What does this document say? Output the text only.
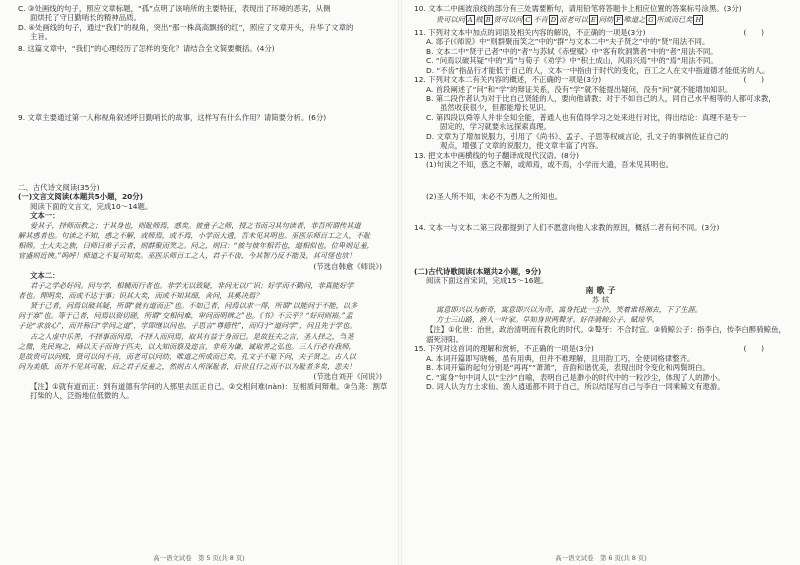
C. ③处画线的句子，照应文章标题，“孤”点明了该哨所的主要特征，表现出了环境的恶劣，从侧

面烘托了守日勤哨长的精神品质。

D. ④处画线的句子，通过“我们”的视角，突出“那一株高高飘扬的红”，照应了文章开头，升华了文章的

主旨。

8. 这篇文章中，“我们”的心理经历了怎样的变化？请结合全文简要概括。(4分)

9. 文章主要通过第一人称视角叙述呼日勤哨长的故事，这样写有什么作用？请简要分析。(6分)

二、古代诗文阅读(35分)

(一)文言文阅读(本题共5小题，20分)

阅读下面的文言文，完成10～14题。

文本一：

爱其子，择师而教之；于其身也，则耻师焉，惑矣。彼童子之师，授之书而习其句读者，非吾所谓传其道

解其惑者也。句读之不知，惑之不解，或师焉，或不焉，小学而大遗，吾未见其明也。巫医乐师百工之人，不耻

相师。士大夫之族，曰师曰弟子云者，则群聚而笑之。问之，则曰：“彼与彼年相若也，道相似也。位卑则足羞，

官盛则近谀。”呜呼！师道之不复可知矣。巫医乐师百工之人，君子不齿，今其智乃反不能及，其可怪也欤！

(节选自韩愈《师说》)

文本二：

君子之学必好问。问与学，相辅而行者也。非学无以致疑，非问无以广识；好学而不勤问，非真能好学

者也。理明矣，而或不达于事；识其大矣，而或不知其细，舍问，其奚决焉？

贤于己者，问焉以破其疑，所谓“就有道而正”也。不如己者，问焉以求一得，所谓“以能问于不能，以多

问于寡”也。等于己者，问焉以资切磋，所谓“交相问难，审问而明辨之”也。《书》不云乎？“好问则裕。”孟

子论“求放心”，而并称曰“学问之道”，学即继以问也。子思言“尊德性”，而归于“道问学”，问且先于学也。

古之人虚中乐善，不择事而问焉，不择人而问焉，取其有益于身而已。是故狂夫之言，圣人择之，刍荛

之微，先民询之，舜以天子而询于匹夫，以大知而察及迩言，非苟为谦，诚取善之弘也。三人行必有我师，

是故贵可以问贱，贤可以问不肖，而老可以问幼，唯道之所成而已矣。孔文子不耻下问，夫子贤之。古人以

问为美德，而并不见其可耻，后之君子反羞之，然则古人所深耻者，后世且行之而不以为耻者多矣，悲夫！

(节选自刘开《问说》)

【注】①就有道而正：到有道德有学问的人那里去匡正自己。②交相问难(nàn)：互相质问辩难。③刍荛：割草打柴的人，泛指地位低微的人。

高一语文试卷　第 5 页(共 8 页)

10. 文本二中画波浪线的部分有三处需要断句，请用铅笔将答题卡上相应位置的答案标号涂黑。(3分)

贵可以问 A 贱 B 贤可以问 C 不肖 D 而老可以 E 问幼 F 唯道之 G 所成而已矣 H

11. 下列对文本中加点的词语及相关内容的解说，不正确的一项是(3分)	(　　)

A. 郯子(《师说》中“则群聚而笑之”中的“群”与文本二中“夫子贤之”中的“贤”用法不同。

B. 文本二中“贤于己者”中的“者”与苏轼《赤壁赋》中“客有吹洞箫者”中的“者”用法不同。

C. “问焉以破其疑”中的“焉”与荀子《劝学》中“积土成山，风雨兴焉”中的“焉”用法不同。

D. “不齿”指品行才能低于自己的人，文本一中指由于时代的变化，百工之人在文中指道德才能低劣的人。

12. 下列对文本二有关内容的概述，不正确的一项是(3分)	(　　)

A. 首段阐述了“问”和“学”的辩证关系，没有“学”就不能提出疑问，没有“问”就不能增加知识。

B. 第二段作者认为对于比自己贤能的人，要向他请教；对于不如自己的人，同自己水平相等的人都可求教，

虽然收获很少，但都能增长见识。

C. 第四段以舜等人并非全知全能，普通人也有值得学习之处来进行对比，得出结论：真理不是专一

固定的，学习就要永远探索真理。

D. 文章为了增加说服力，引用了《尚书》、孟子、子思等权威言论，孔文子的事例佐证自己的

观点，增强了文章的说服力，使文章丰富了内容。

13. 把文本中画横线的句子翻译成现代汉语。(8分)

(1)句读之不知，惑之不解，或师焉，或不焉，小学而大遗，吾未见其明也。

(2)圣人所不知，未必不为愚人之所知也。

14. 文本一与文本二第三段都提到了人们不愿意向他人求教的原因，概括二者有何不同。(3分)

(二)古代诗歌阅读(本题共2小题，9分)

阅读下面这首宋词，完成15～16题。

南歌子

苏轼

寓意即兴以为新奇，寓意即兴以为奇，寓身托此一尘沙。笑着谁将湘去，下了生涯。

方士三山路，渔人一叶家。早知身世两聱牙。好伴骑鲸公子、赋琼华。

【注】①化世：治世，政治清明而有教化的时代。②聱牙：不合时宜。③骑鲸公子：指李白，传李白醉骑鲸鱼，溺死浔阳。

15. 下列对这首词的理解和赏析，不正确的一项是(3分)	(　　)

A. 本词开篇即写晓畅，虽有用典，但并不难理解，且用韵工巧，全使词格律整齐。

B. 本词开篇的起句分别是“再再”“萧萧”，音韵和谐优美，表现出时令变化和两鬓斑白。

C. “寓身”句中词人以“尘沙”自喻，表明自己是渺小的时代中的一粒沙尘，体现了人的渺小。

D. 词人认为方士求仙、渔人逍遥都不同于自己，所以结尾写自己与李白一同乘鲸文有遨游。

高一语文试卷　第 6 页(共 8 页)
